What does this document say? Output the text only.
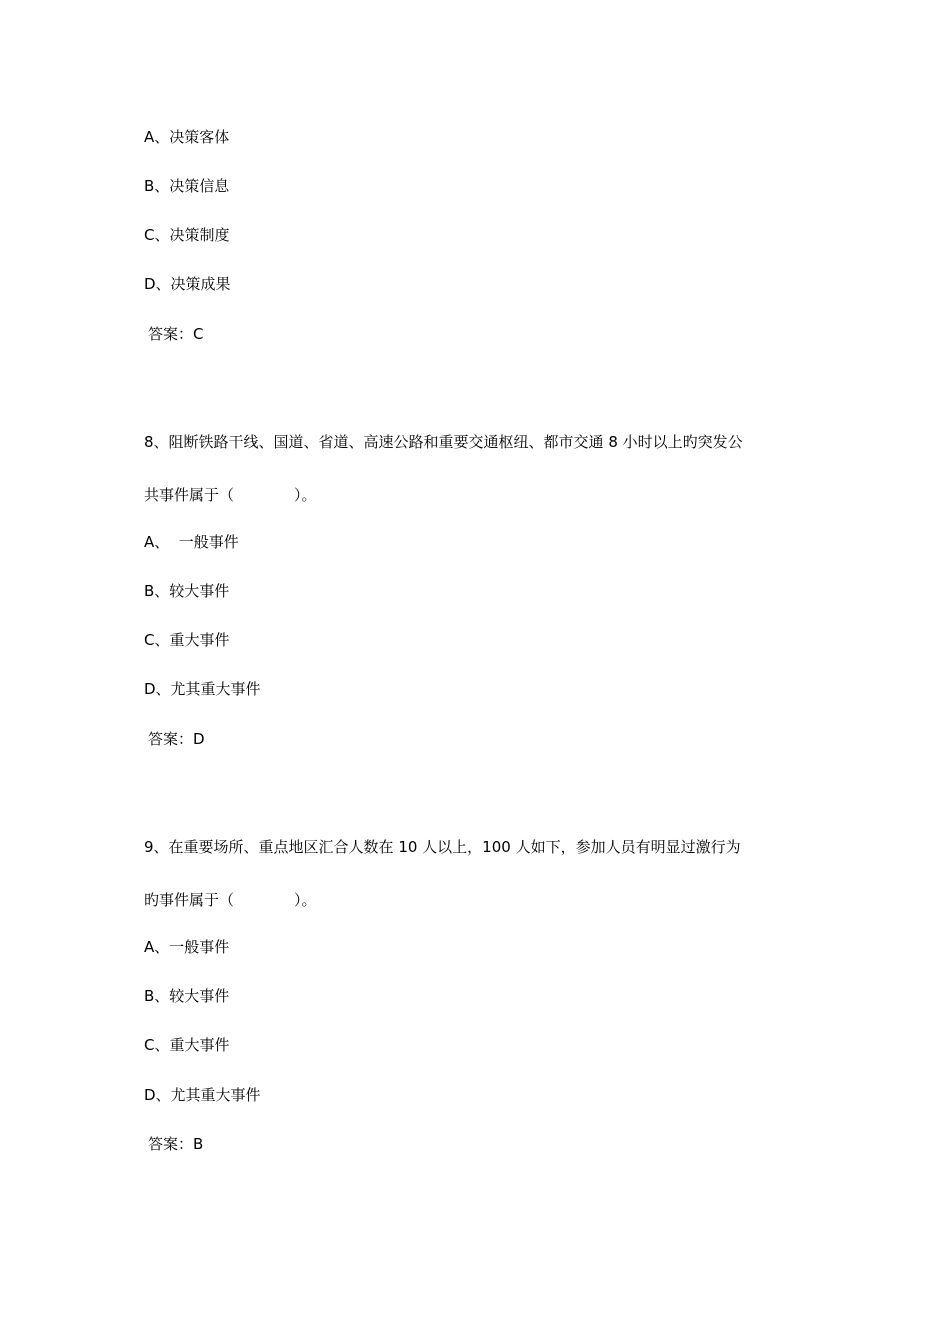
A、决策客体
B、决策信息
C、决策制度
D、决策成果
答案：C
8、阻断铁路干线、国道、省道、高速公路和重要交通枢纽、都市交通 8 小时以上旳突发公
共事件属于（　　　　）。
A、  一般事件
B、较大事件
C、重大事件
D、尤其重大事件
答案：D
9、在重要场所、重点地区汇合人数在 10 人以上，100 人如下，参加人员有明显过激行为
旳事件属于（　　　　）。
A、一般事件
B、较大事件
C、重大事件
D、尤其重大事件
答案：B
